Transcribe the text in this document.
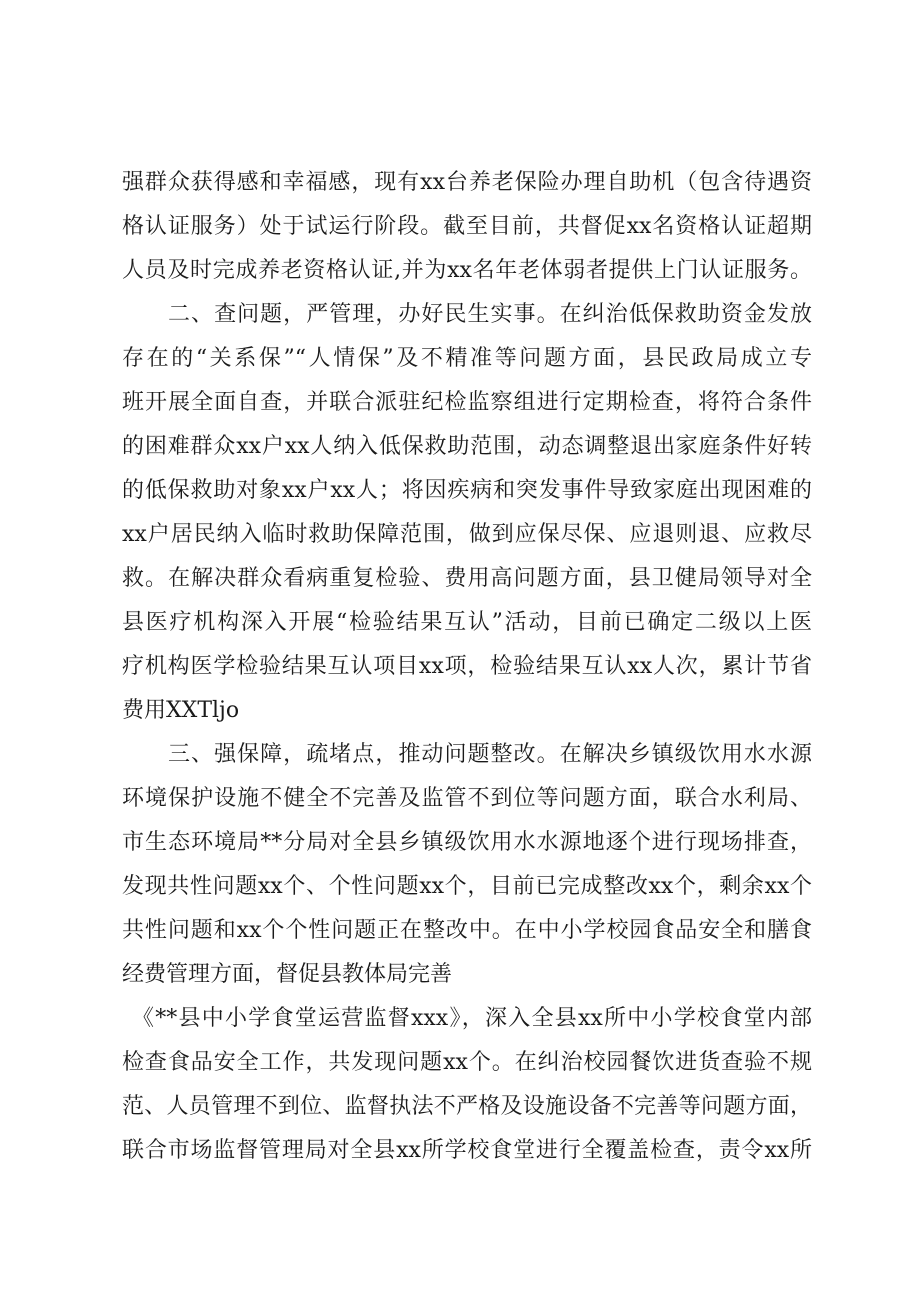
强群众获得感和幸福感，现有xx台养老保险办理自助机（包含待遇资
格认证服务）处于试运行阶段。截至目前，共督促xx名资格认证超期
人员及时完成养老资格认证,并为xx名年老体弱者提供上门认证服务。
二、查问题，严管理，办好民生实事。在纠治低保救助资金发放
存在的“关系保”“人情保”及不精准等问题方面，县民政局成立专
班开展全面自查，并联合派驻纪检监察组进行定期检查，将符合条件
的困难群众xx户xx人纳入低保救助范围，动态调整退出家庭条件好转
的低保救助对象xx户xx人；将因疾病和突发事件导致家庭出现困难的
xx户居民纳入临时救助保障范围，做到应保尽保、应退则退、应救尽
救。在解决群众看病重复检验、费用高问题方面，县卫健局领导对全
县医疗机构深入开展“检验结果互认”活动，目前已确定二级以上医
疗机构医学检验结果互认项目xx项，检验结果互认xx人次，累计节省
费用XXTljo
三、强保障，疏堵点，推动问题整改。在解决乡镇级饮用水水源
环境保护设施不健全不完善及监管不到位等问题方面，联合水利局、
市生态环境局**分局对全县乡镇级饮用水水源地逐个进行现场排查，
发现共性问题xx个、个性问题xx个，目前已完成整改xx个，剩余xx个
共性问题和xx个个性问题正在整改中。在中小学校园食品安全和膳食
经费管理方面，督促县教体局完善
《**县中小学食堂运营监督xxx》，深入全县xx所中小学校食堂内部
检查食品安全工作，共发现问题xx个。在纠治校园餐饮进货查验不规
范、人员管理不到位、监督执法不严格及设施设备不完善等问题方面，
联合市场监督管理局对全县xx所学校食堂进行全覆盖检查，责令xx所
